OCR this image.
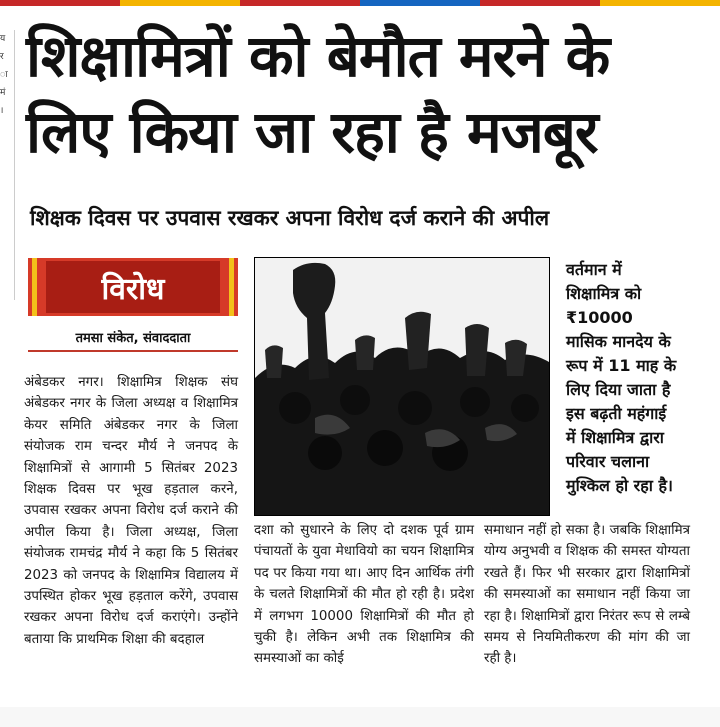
य
र
ा
मं
।
शिक्षामित्रों को बेमौत मरने के
लिए किया जा रहा है मजबूर
शिक्षक दिवस पर उपवास रखकर अपना विरोध दर्ज कराने की अपील
विरोध
तमसा संकेत, संवाददाता
अंबेडकर नगर। शिक्षामित्र शिक्षक संघ अंबेडकर नगर के जिला अध्यक्ष व शिक्षामित्र केयर समिति अंबेडकर नगर के जिला संयोजक राम चन्दर मौर्य ने जनपद के शिक्षामित्रों से आगामी 5 सितंबर 2023 शिक्षक दिवस पर भूख हड़ताल करने, उपवास रखकर अपना विरोध दर्ज कराने की अपील किया है। जिला अध्यक्ष, जिला संयोजक रामचंद्र मौर्य ने कहा कि 5 सितंबर 2023 को जनपद के शिक्षामित्र विद्यालय में उपस्थित होकर भूख हड़ताल करेंगे, उपवास रखकर अपना विरोध दर्ज कराएंगे। उन्होंने बताया कि प्राथमिक शिक्षा की बदहाल
वर्तमान में
शिक्षामित्र को
₹10000
मासिक मानदेय के
रूप में 11 माह के
लिए दिया जाता है
इस बढ़ती महंगाई
में शिक्षामित्र द्वारा
परिवार चलाना
मुश्किल हो रहा है।
दशा को सुधारने के लिए दो दशक पूर्व ग्राम पंचायतों के युवा मेधावियो का चयन शिक्षामित्र पद पर किया गया था। आए दिन आर्थिक तंगी के चलते शिक्षामित्रों की मौत हो रही है। प्रदेश में लगभग 10000 शिक्षामित्रों की मौत हो चुकी है। लेकिन अभी तक शिक्षामित्र की समस्याओं का कोई
समाधान नहीं हो सका है। जबकि शिक्षामित्र योग्य अनुभवी व शिक्षक की समस्त योग्यता रखते हैं। फिर भी सरकार द्वारा शिक्षामित्रों की समस्याओं का समाधान नहीं किया जा रहा है। शिक्षामित्रों द्वारा निरंतर रूप से लम्बे समय से नियमितीकरण की मांग की जा रही है।
